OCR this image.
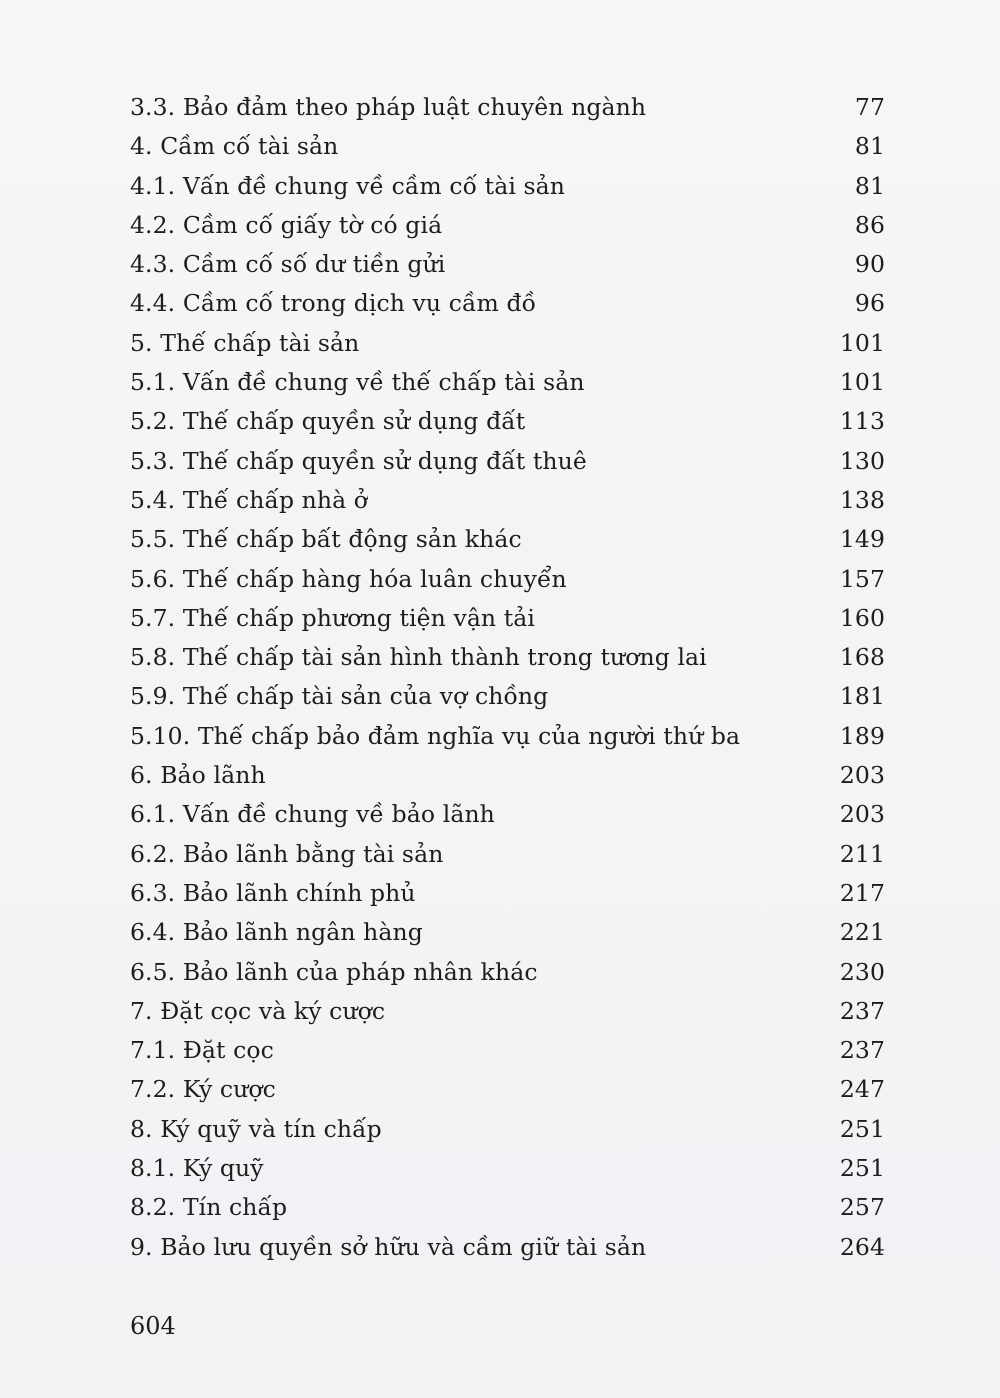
3.3. Bảo đảm theo pháp luật chuyên ngành	77
4. Cầm cố tài sản	81
4.1. Vấn đề chung về cầm cố tài sản	81
4.2. Cầm cố giấy tờ có giá	86
4.3. Cầm cố số dư tiền gửi	90
4.4. Cầm cố trong dịch vụ cầm đồ	96
5. Thế chấp tài sản	101
5.1. Vấn đề chung về thế chấp tài sản	101
5.2. Thế chấp quyền sử dụng đất	113
5.3. Thế chấp quyền sử dụng đất thuê	130
5.4. Thế chấp nhà ở	138
5.5. Thế chấp bất động sản khác	149
5.6. Thế chấp hàng hóa luân chuyển	157
5.7. Thế chấp phương tiện vận tải	160
5.8. Thế chấp tài sản hình thành trong tương lai	168
5.9. Thế chấp tài sản của vợ chồng	181
5.10. Thế chấp bảo đảm nghĩa vụ của người thứ ba	189
6. Bảo lãnh	203
6.1. Vấn đề chung về bảo lãnh	203
6.2. Bảo lãnh bằng tài sản	211
6.3. Bảo lãnh chính phủ	217
6.4. Bảo lãnh ngân hàng	221
6.5. Bảo lãnh của pháp nhân khác	230
7. Đặt cọc và ký cược	237
7.1. Đặt cọc	237
7.2. Ký cược	247
8. Ký quỹ và tín chấp	251
8.1. Ký quỹ	251
8.2. Tín chấp	257
9. Bảo lưu quyền sở hữu và cầm giữ tài sản	264
604
